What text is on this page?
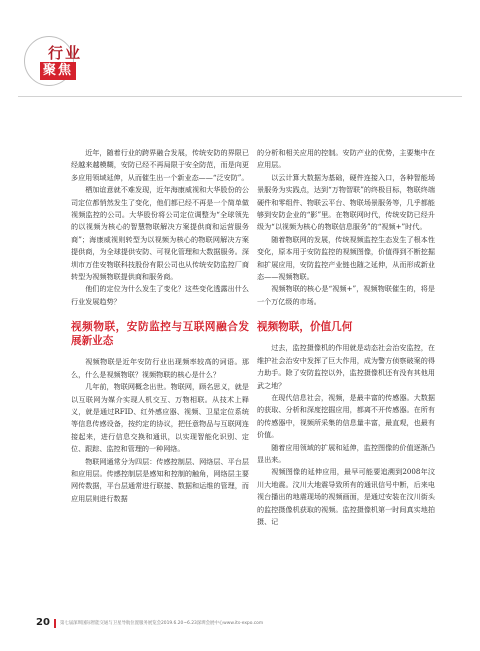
行业
聚焦

近年，随着行业的跨界融合发展，传统安防的界限已经越来越模糊，安防已经不再局限于安全防范，而是向更多应用领域延伸，从而催生出一个新业态——“泛安防”。

栖加谊意就不难发现，近年海康威视和大华股份的公司定位都悄然发生了变化，他们都已经不再是一个简单做视频监控的公司。大华股份将公司定位调整为“全球领先的以视频为核心的智慧物联解决方案提供商和运营服务商”；海康威视则转型为以视频为核心的物联网解决方案提供商，为全球提供安防、可视化管理和大数据服务。深圳市万佳安物联科技股份有限公司也从传统安防监控厂商转型为视频物联提供商和服务商。

他们的定位为什么发生了变化？这些变化透露出什么行业发展趋势？

视频物联，安防监控与互联网融合发展新业态

视频物联是近年安防行业出现频率较高的词语。那么，什么是视频物联？视频物联的核心是什么？

几年前，物联网概念出世。物联网，顾名思义，就是以互联网为媒介实现人机交互、万物相联。从技术上释义，就是通过RFID、红外感应器、视频、卫星定位系统等信息传感设备，按约定的协议，把任意物品与互联网连接起来，进行信息交换和通讯，以实现智能化识别、定位、跟踪、监控和管理的一种网络。

物联网通常分为四层：传感控制层、网络层、平台层和应用层。传感控制层是感知和控制的触角，网络层主要网传数据，平台层通常进行联接、数据和运维的管理，而应用层则进行数据

的分析和相关应用的控制。安防产业的优势，主要集中在应用层。

以云计算大数据为基础，硬件连接入口，各种智能场景服务为实践点，达到“万物智联”的终极目标，物联终端硬件和零组件、物联云平台、物联场景服务等，几乎都能够到安防企业的“影”里。在物联网时代，传统安防已经升级为“以视频为核心的物联信息服务”的“视频+”时代。

随着物联网的发展，传统视频监控生态发生了根本性变化，原本用于安防监控的视频图像，价值得到不断挖掘和扩展应用，安防监控产业链也随之延伸，从而形成新业态——视频物联。

视频物联的核心是“视频+”，视频物联催生的，将是一个万亿级的市场。

视频物联，价值几何

过去，监控摄像机的作用就是动态社会治安监控，在维护社会治安中发挥了巨大作用，成为警方侦察破案的得力助手。除了安防监控以外，监控摄像机还有没有其他用武之地？

在现代信息社会，视频，是最丰富的传感器。大数据的获取、分析和深度挖掘应用，都离不开传感器。在所有的传感器中，视频所采集的信息量丰富，最直观，也最有价值。

随着应用领域的扩展和延伸，监控图像的价值逐渐凸显出来。

视频图像的延伸应用，最早可能要追溯到2008年汶川大地震。汶川大地震导致所有的通讯信号中断，后来电视台播出的地震现场的视频画面，是通过安装在汶川街头的监控摄像机获取的视频。监控摄像机第一时间真实地拍摄、记

20 第七届深圳国际智能交通与卫星导航位置服务展览会2019.6.20~6.23深圳会展中心www.its-expo.com
